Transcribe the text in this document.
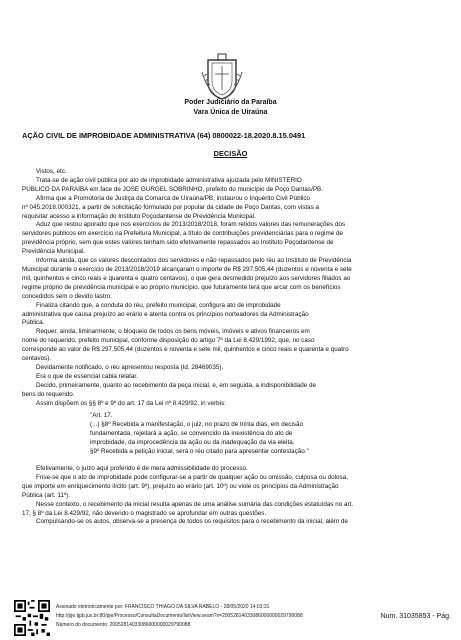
Poder Judiciário da Paraíba
Vara Única de Uiraúna
AÇÃO CIVIL DE IMPROBIDADE ADMINISTRATIVA (64) 0800022-18.2020.8.15.0491
DECISÃO
Vistos, etc.
Trata-se de ação civil pública por ato de improbidade administrativa ajuizada pelo MINISTÉRIO
PÚBLICO DA PARAÍBA em face de JOSÉ GURGEL SOBRINHO, prefeito do município de Poço Dantas/PB.
Afirma que a Promotoria de Justiça da Comarca de Uiraúna/PB, instaurou o Inquérito Civil Público
nº 045.2018.000321, a partir de solicitação formulado por popular da cidade de Poço Dantas, com vistas a
requisitar acesso a informação do Instituto Poçodantense de Previdência Municipal.
Aduz que restou apurado que nos exercícios de 2013/2018/2018, foram retidos valores das remunerações dos
servidores públicos em exercício na Prefeitura Municipal, a título de contribuições previdenciárias para o regime de
previdência próprio, sem que estes valores tenham sido efetivamente repassados ao Instituto Poçodantense de
Previdência Municipal.
Informa ainda, que os valores descontados dos servidores e não repassados pelo réu ao Instituto de Previdência
Municipal durante o exercício de 2013/2018/2019 alcançaram o importe de R$ 297.505,44 (duzentos e noventa e sete
mil, quinhentos e cinco reais e quarenta e quatro centavos), o que gera desmedido prejuízo aos servidores filiados ao
regime próprio de previdência municipal e ao próprio município, que futuramente terá que arcar com os benefícios
concedidos sem o devido lastro.
Finaliza citando que, a conduta do réu, prefeito municipal, configura ato de improbidade
administrativa que causa prejuízo ao erário e atenta contra os princípios norteadores da Administração
Pública.
Requer, ainda, liminarmente, o bloqueio de todos os bens móveis, imóveis e ativos financeiros em
nome do requerido, prefeito municipal, conforme disposição do artigo 7º da Lei 8.429/1992, que, no caso
corresponde ao valor de R$ 297.505,44 (duzentos e noventa e sete mil, quinhentos e cinco reais e quarenta e quatro
centavos).
Devidamente notificado, o réu apresentou resposta (Id. 28469035).
Era o que de essencial cabia relatar.
Decido, primeiramente, quanto ao recebimento da peça inicial, e, em seguida, a indisponibilidade de
bens do requerido.
Assim dispõem os §§ 8º e 9º do art. 17 da Lei nº 8.429/92, in verbis:
"Art. 17.
(...) §8º Recebida a manifestação, o juiz, no prazo de trinta dias, em decisão
fundamentada, rejeitará a ação, se convencido da inexistência do ato de
improbidade, da improcedência da ação ou da inadequação da via eleita.
§9º Recebida a petição inicial, será o réu citado para apresentar contestação."
Efetivamente, o juízo aqui proferido é de mera admissibilidade do processo.
Frise-se que o ato de improbidade pode configurar-se a partir de qualquer ação ou omissão, culposa ou dolosa,
que importe em enriquecimento ilícito (art. 9º), prejuízo ao erário (art. 10º) ou viole os princípios da Administração
Pública (art. 11º).
Nesse contexto, o recebimento da inicial resulta apenas de uma análise sumária das condições estatuídas no art.
17, § 8º da Lei 8.429/92, não devendo o magistrado se aprofundar em outras questões.
Compulsando-se os autos, observa-se a presença de todos os requisitos para o recebimento da inicial, além de
Assinado eletronicamente por: FRANCISCO THIAGO DA SILVA RABELO - 28/05/2020 14:03:31
http://pje.tjpb.jus.br:80/pje/Processo/ConsultaDocumento/listView.seam?x=20052814033086000000029790088
Número do documento: 20052814033086000000029790088
Num. 31035853 - Pág.
